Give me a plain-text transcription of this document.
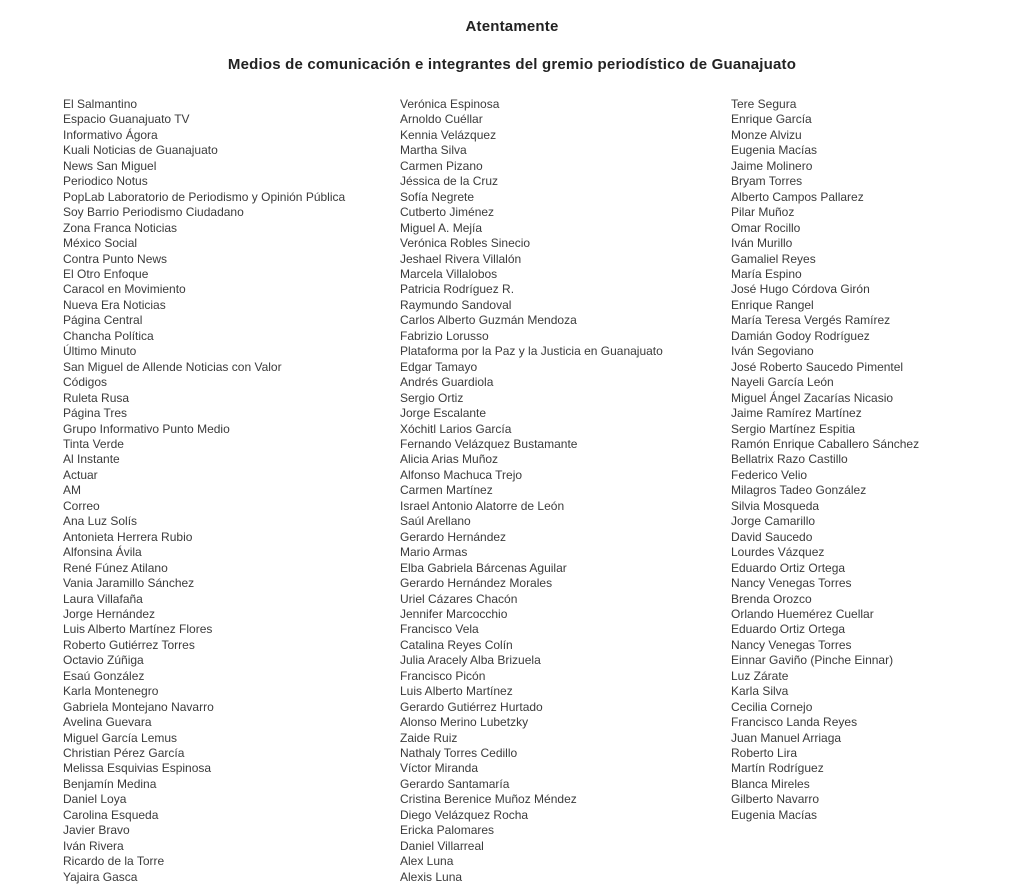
Atentamente
Medios de comunicación e integrantes del gremio periodístico de Guanajuato
El Salmantino
Espacio Guanajuato TV
Informativo Ágora
Kuali Noticias de Guanajuato
News San Miguel
Periodico Notus
PopLab Laboratorio de Periodismo y Opinión Pública
Soy Barrio Periodismo Ciudadano
Zona Franca Noticias
México Social
Contra Punto News
El Otro Enfoque
Caracol en Movimiento
Nueva Era Noticias
Página Central
Chancha Política
Último Minuto
San Miguel de Allende Noticias con Valor
Códigos
Ruleta Rusa
Página Tres
Grupo Informativo Punto Medio
Tinta Verde
Al Instante
Actuar
AM
Correo
Ana Luz Solís
Antonieta Herrera Rubio
Alfonsina Ávila
René Fúnez Atilano
Vania Jaramillo Sánchez
Laura Villafaña
Jorge Hernández
Luis Alberto Martínez Flores
Roberto Gutiérrez Torres
Octavio Zúñiga
Esaú González
Karla Montenegro
Gabriela Montejano Navarro
Avelina Guevara
Miguel García Lemus
Christian Pérez García
Melissa Esquivias Espinosa
Benjamín Medina
Daniel Loya
Carolina Esqueda
Javier Bravo
Iván Rivera
Ricardo de la Torre
Yajaira Gasca
Verónica Espinosa
Arnoldo Cuéllar
Kennia Velázquez
Martha Silva
Carmen Pizano
Jéssica de la Cruz
Sofía Negrete
Cutberto Jiménez
Miguel A. Mejía
Verónica Robles Sinecio
Jeshael Rivera Villalón
Marcela Villalobos
Patricia Rodríguez R.
Raymundo Sandoval
Carlos Alberto Guzmán Mendoza
Fabrizio Lorusso
Plataforma por la Paz y la Justicia en Guanajuato
Edgar Tamayo
Andrés Guardiola
Sergio Ortiz
Jorge Escalante
Xóchitl Larios García
Fernando Velázquez Bustamante
Alicia Arias Muñoz
Alfonso Machuca Trejo
Carmen Martínez
Israel Antonio Alatorre de León
Saúl Arellano
Gerardo Hernández
Mario Armas
Elba Gabriela Bárcenas Aguilar
Gerardo Hernández Morales
Uriel Cázares Chacón
Jennifer Marcocchio
Francisco Vela
Catalina Reyes Colín
Julia Aracely Alba Brizuela
Francisco Picón
Luis Alberto Martínez
Gerardo Gutiérrez Hurtado
Alonso Merino Lubetzky
Zaide Ruiz
Nathaly Torres Cedillo
Víctor Miranda
Gerardo Santamaría
Cristina Berenice Muñoz Méndez
Diego Velázquez Rocha
Ericka Palomares
Daniel Villarreal
Alex Luna
Alexis Luna
Tere Segura
Enrique García
Monze Alvizu
Eugenia Macías
Jaime Molinero
Bryam Torres
Alberto Campos Pallarez
Pilar Muñoz
Omar Rocillo
Iván Murillo
Gamaliel Reyes
María Espino
José Hugo Córdova Girón
Enrique Rangel
María Teresa Vergés Ramírez
Damián Godoy Rodríguez
Iván Segoviano
José Roberto Saucedo Pimentel
Nayeli García León
Miguel Ángel Zacarías Nicasio
Jaime Ramírez Martínez
Sergio Martínez Espitia
Ramón Enrique Caballero Sánchez
Bellatrix Razo Castillo
Federico Velio
Milagros Tadeo González
Silvia Mosqueda
Jorge Camarillo
David Saucedo
Lourdes Vázquez
Eduardo Ortiz Ortega
Nancy Venegas Torres
Brenda Orozco
Orlando Huemérez Cuellar
Eduardo Ortiz Ortega
Nancy Venegas Torres
Einnar Gaviño (Pinche Einnar)
Luz Zárate
Karla Silva
Cecilia Cornejo
Francisco Landa Reyes
Juan Manuel Arriaga
Roberto Lira
Martín Rodríguez
Blanca Mireles
Gilberto Navarro
Eugenia Macías
